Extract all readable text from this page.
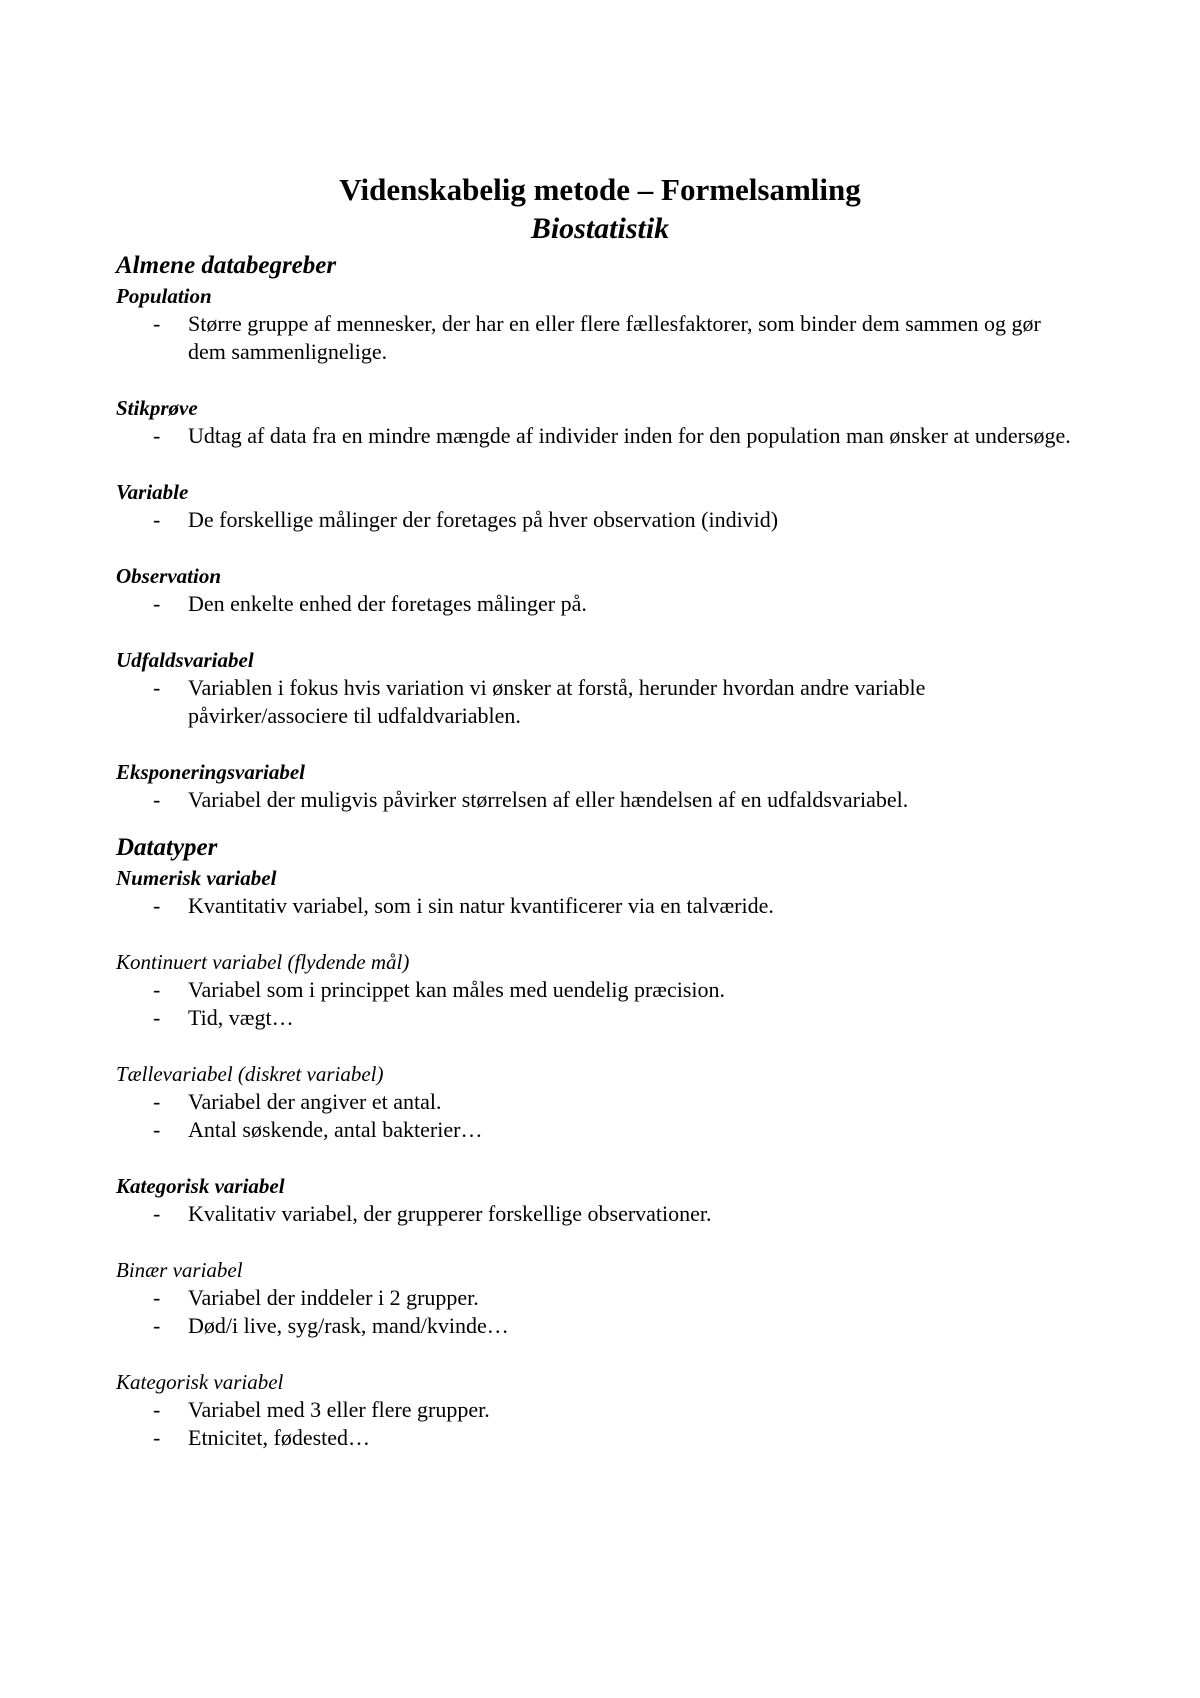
Videnskabelig metode – Formelsamling
Biostatistik
Almene databegreber
Population
- Større gruppe af mennesker, der har en eller flere fællesfaktorer, som binder dem sammen og gør dem sammenlignelige.
Stikprøve
- Udtag af data fra en mindre mængde af individer inden for den population man ønsker at undersøge.
Variable
- De forskellige målinger der foretages på hver observation (individ)
Observation
- Den enkelte enhed der foretages målinger på.
Udfaldsvariabel
- Variablen i fokus hvis variation vi ønsker at forstå, herunder hvordan andre variable påvirker/associere til udfaldvariablen.
Eksponeringsvariabel
- Variabel der muligvis påvirker størrelsen af eller hændelsen af en udfaldsvariabel.
Datatyper
Numerisk variabel
- Kvantitativ variabel, som i sin natur kvantificerer via en talværide.
Kontinuert variabel (flydende mål)
- Variabel som i princippet kan måles med uendelig præcision.
- Tid, vægt…
Tællevariabel (diskret variabel)
- Variabel der angiver et antal.
- Antal søskende, antal bakterier…
Kategorisk variabel
- Kvalitativ variabel, der grupperer forskellige observationer.
Binær variabel
- Variabel der inddeler i 2 grupper.
- Død/i live, syg/rask, mand/kvinde…
Kategorisk variabel
- Variabel med 3 eller flere grupper.
- Etnicitet, fødested…
